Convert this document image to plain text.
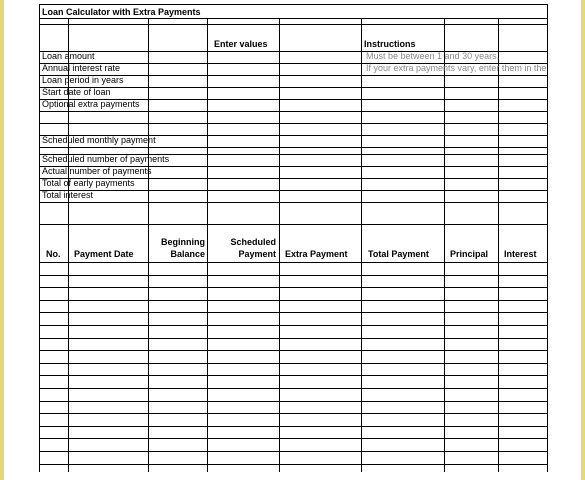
Loan Calculator with Extra Payments
Enter values	Instructions
Loan amount
Annual interest rate
Loan period in years
Start date of loan
Optional extra payments
Must be between 1 and 30 years.
If your extra payments vary, enter them in the
Scheduled monthly payment
Scheduled number of payments
Actual number of payments
Total of early payments
Total interest
No. Payment Date
Beginning
Balance
Scheduled
Payment Extra Payment Total Payment Principal Interest
